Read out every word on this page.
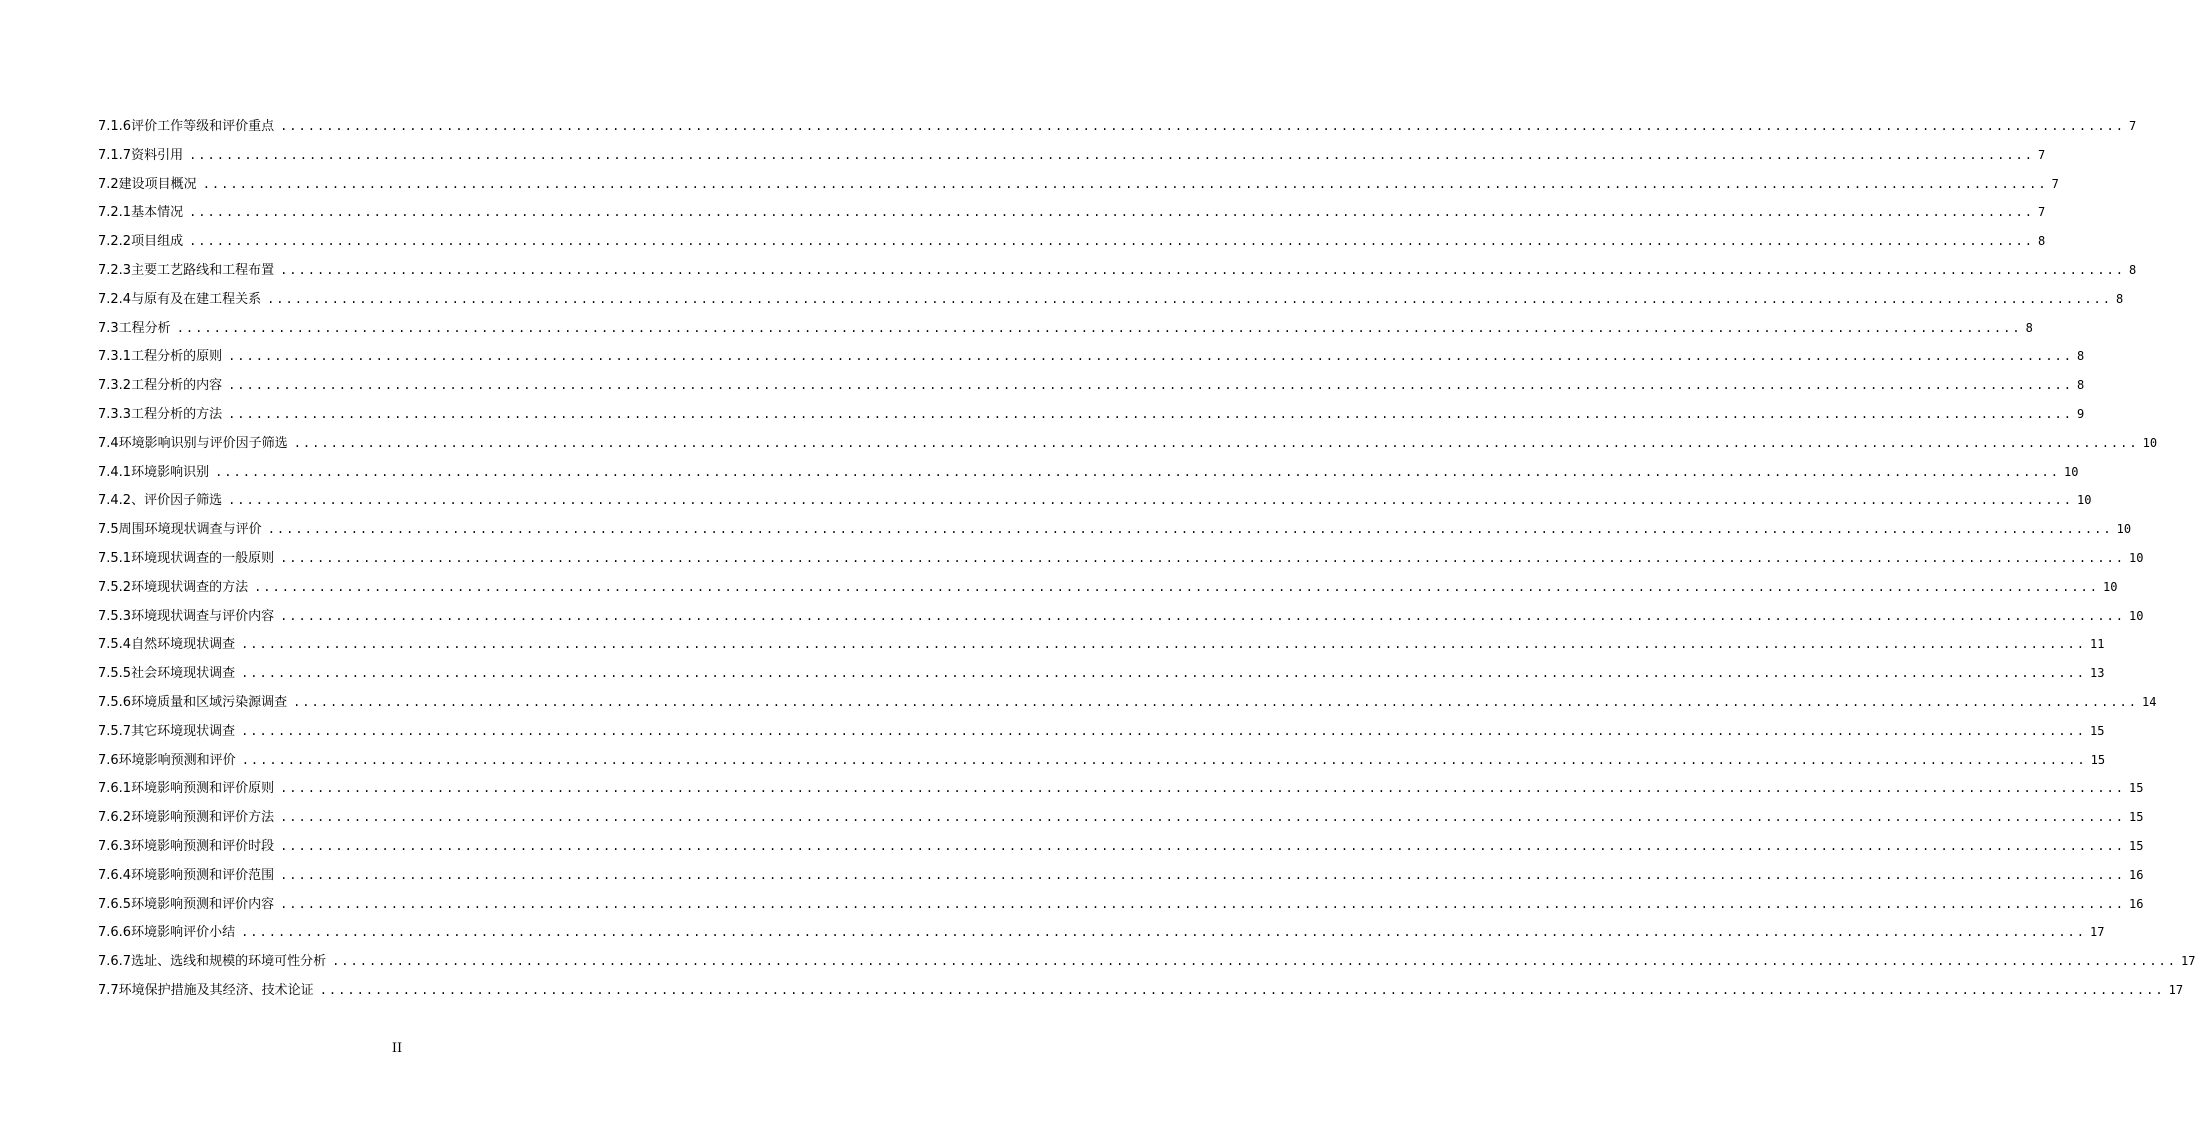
7.1.6评价工作等级和评价重点 ........................................................................................................................................................................................................ 7
7.1.7资料引用 ........................................................................................................................................................................................................ 7
7.2建设项目概况 ........................................................................................................................................................................................................ 7
7.2.1基本情况 ........................................................................................................................................................................................................ 7
7.2.2项目组成 ........................................................................................................................................................................................................ 8
7.2.3主要工艺路线和工程布置 ........................................................................................................................................................................................................ 8
7.2.4与原有及在建工程关系 ........................................................................................................................................................................................................ 8
7.3工程分析 ........................................................................................................................................................................................................ 8
7.3.1工程分析的原则 ........................................................................................................................................................................................................ 8
7.3.2工程分析的内容 ........................................................................................................................................................................................................ 8
7.3.3工程分析的方法 ........................................................................................................................................................................................................ 9
7.4环境影响识别与评价因子筛选 ........................................................................................................................................................................................................ 10
7.4.1环境影响识别 ........................................................................................................................................................................................................ 10
7.4.2、评价因子筛选 ........................................................................................................................................................................................................ 10
7.5周围环境现状调查与评价 ........................................................................................................................................................................................................ 10
7.5.1环境现状调查的一般原则 ........................................................................................................................................................................................................ 10
7.5.2环境现状调查的方法 ........................................................................................................................................................................................................ 10
7.5.3环境现状调查与评价内容 ........................................................................................................................................................................................................ 10
7.5.4自然环境现状调查 ........................................................................................................................................................................................................ 11
7.5.5社会环境现状调查 ........................................................................................................................................................................................................ 13
7.5.6环境质量和区域污染源调查 ........................................................................................................................................................................................................ 14
7.5.7其它环境现状调查 ........................................................................................................................................................................................................ 15
7.6环境影响预测和评价 ........................................................................................................................................................................................................ 15
7.6.1环境影响预测和评价原则 ........................................................................................................................................................................................................ 15
7.6.2环境影响预测和评价方法 ........................................................................................................................................................................................................ 15
7.6.3环境影响预测和评价时段 ........................................................................................................................................................................................................ 15
7.6.4环境影响预测和评价范围 ........................................................................................................................................................................................................ 16
7.6.5环境影响预测和评价内容 ........................................................................................................................................................................................................ 16
7.6.6环境影响评价小结 ........................................................................................................................................................................................................ 17
7.6.7选址、选线和规模的环境可性分析 ........................................................................................................................................................................................................ 17
7.7环境保护措施及其经济、技术论证 ........................................................................................................................................................................................................ 17
II
